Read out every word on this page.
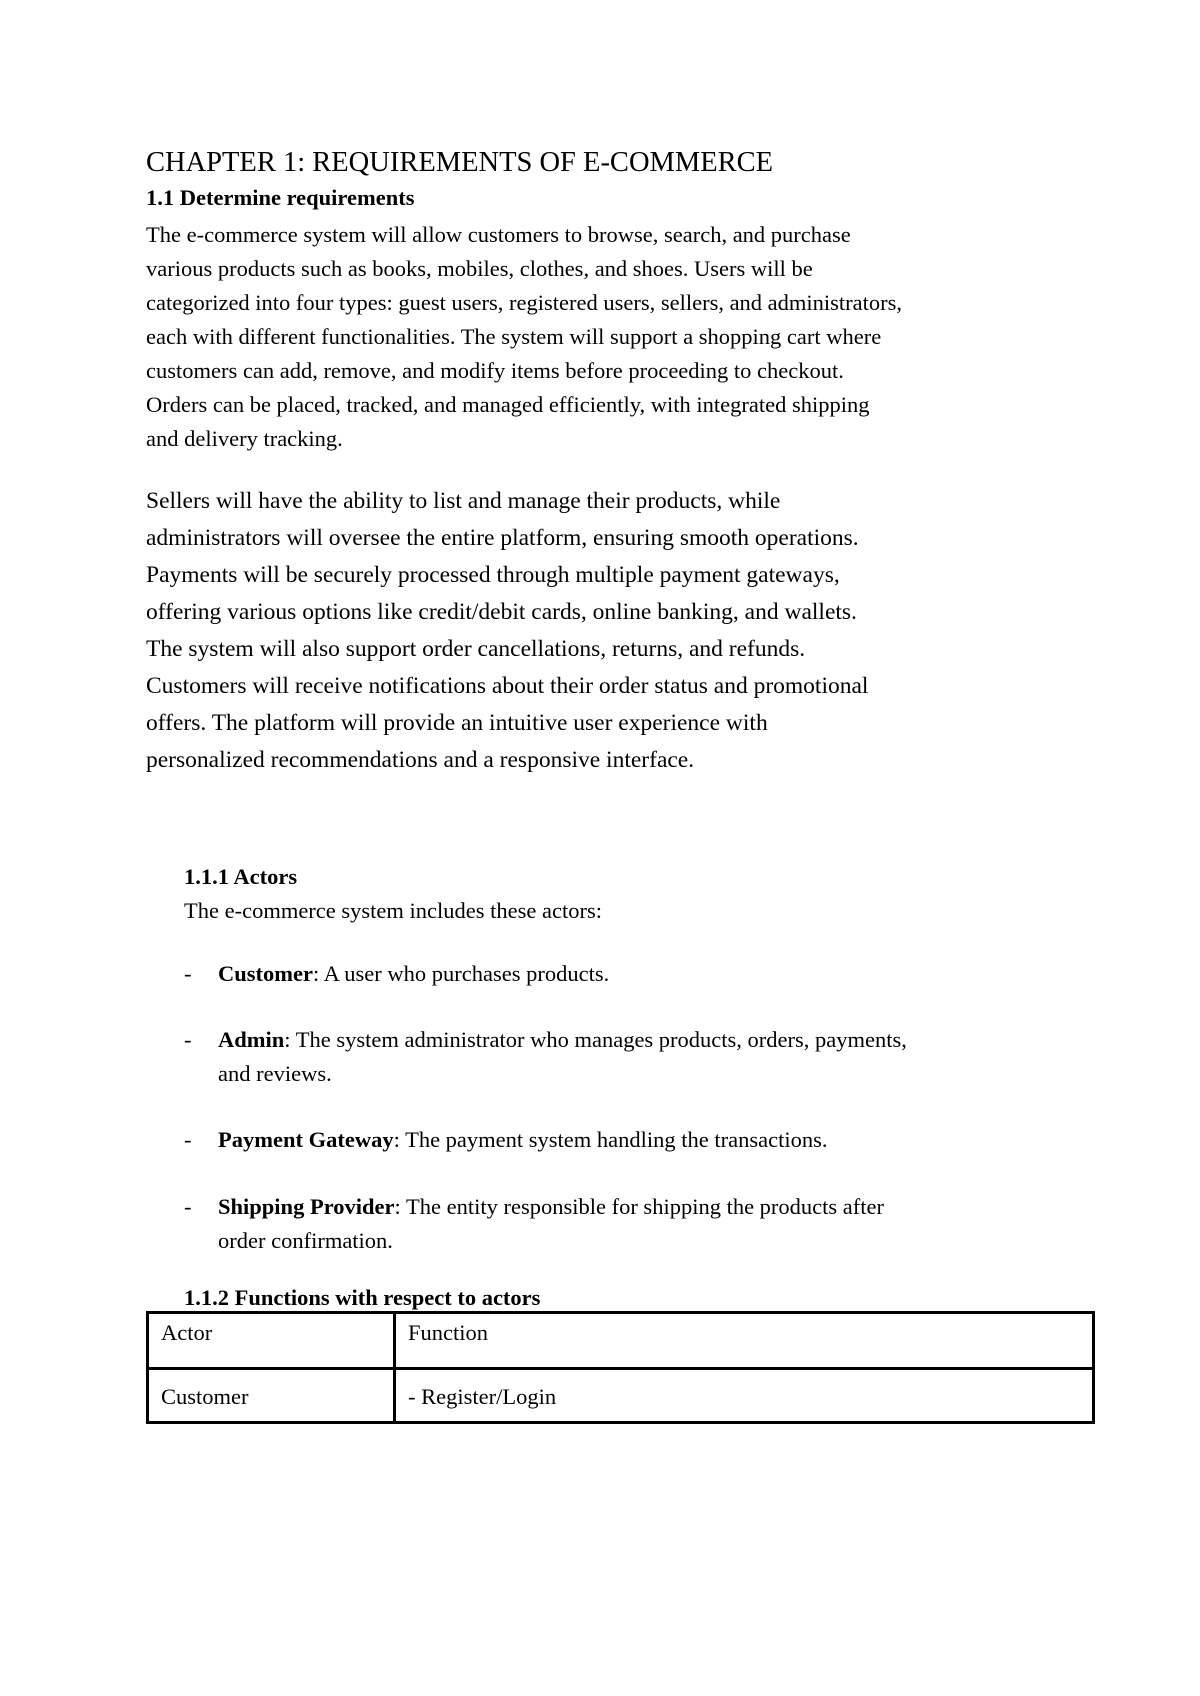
CHAPTER 1: REQUIREMENTS OF E-COMMERCE
1.1 Determine requirements

The e-commerce system will allow customers to browse, search, and purchase
various products such as books, mobiles, clothes, and shoes. Users will be
categorized into four types: guest users, registered users, sellers, and administrators,
each with different functionalities. The system will support a shopping cart where
customers can add, remove, and modify items before proceeding to checkout.
Orders can be placed, tracked, and managed efficiently, with integrated shipping
and delivery tracking.

Sellers will have the ability to list and manage their products, while
administrators will oversee the entire platform, ensuring smooth operations.
Payments will be securely processed through multiple payment gateways,
offering various options like credit/debit cards, online banking, and wallets.
The system will also support order cancellations, returns, and refunds.
Customers will receive notifications about their order status and promotional
offers. The platform will provide an intuitive user experience with
personalized recommendations and a responsive interface.

1.1.1 Actors

The e-commerce system includes these actors:

-	Customer: A user who purchases products.
-	Admin: The system administrator who manages products, orders, payments,
and reviews.
-	Payment Gateway: The payment system handling the transactions.
-	Shipping Provider: The entity responsible for shipping the products after
order confirmation.
1.1.2 Functions with respect to actors
Actor	Function
Customer	- Register/Login
